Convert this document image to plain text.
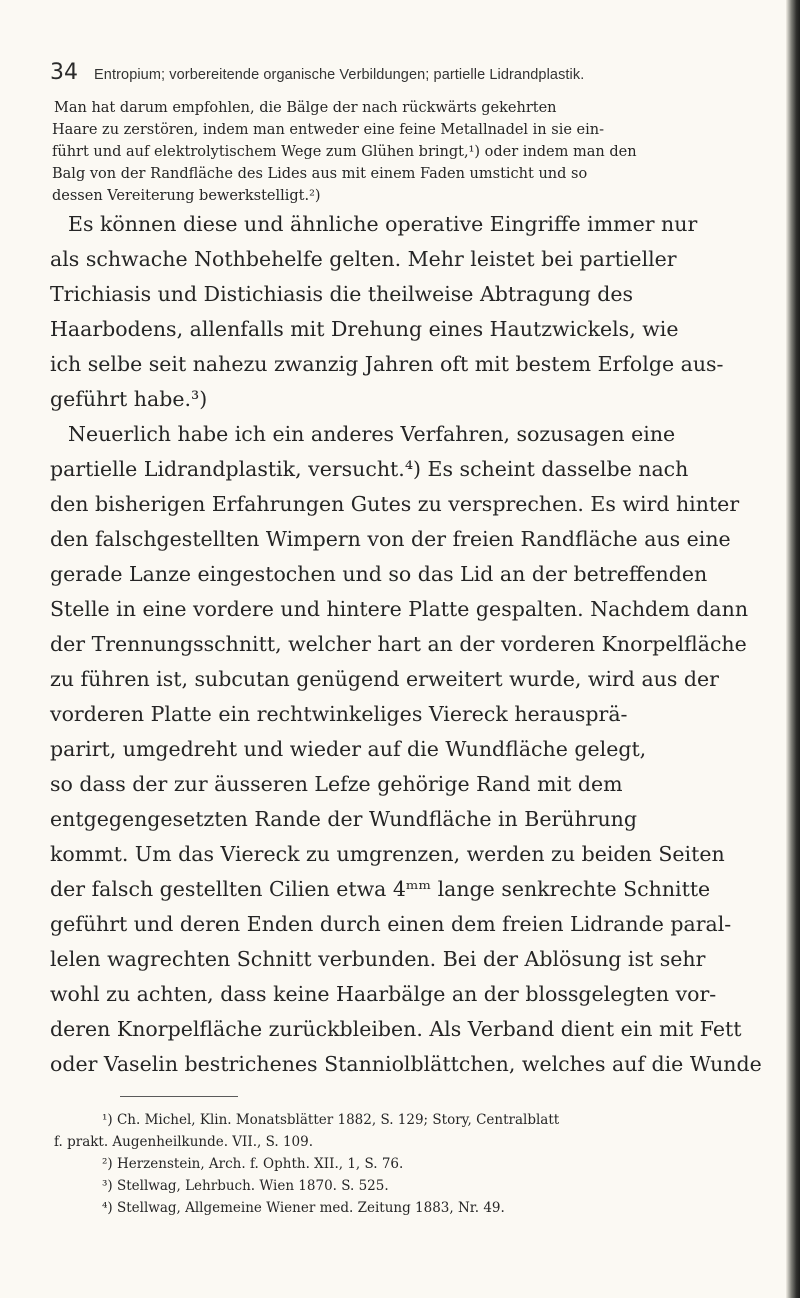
34 Entropium; vorbereitende organische Verbildungen; partielle Lidrandplastik.
Man hat darum empfohlen, die Bälge der nach rückwärts gekehrten
Haare zu zerstören, indem man entweder eine feine Metallnadel in sie ein-
führt und auf elektrolytischem Wege zum Glühen bringt,¹) oder indem man den
Balg von der Randfläche des Lides aus mit einem Faden umsticht und so
dessen Vereiterung bewerkstelligt.²)
Es können diese und ähnliche operative Eingriffe immer nur
als schwache Nothbehelfe gelten. Mehr leistet bei partieller
Trichiasis und Distichiasis die theilweise Abtragung des
Haarbodens, allenfalls mit Drehung eines Hautzwickels, wie
ich selbe seit nahezu zwanzig Jahren oft mit bestem Erfolge aus-
geführt habe.³)
Neuerlich habe ich ein anderes Verfahren, sozusagen eine
partielle Lidrandplastik, versucht.⁴) Es scheint dasselbe nach
den bisherigen Erfahrungen Gutes zu versprechen. Es wird hinter
den falschgestellten Wimpern von der freien Randfläche aus eine
gerade Lanze eingestochen und so das Lid an der betreffenden
Stelle in eine vordere und hintere Platte gespalten. Nachdem dann
der Trennungsschnitt, welcher hart an der vorderen Knorpelfläche
zu führen ist, subcutan genügend erweitert wurde, wird aus der
vorderen Platte ein rechtwinkeliges Viereck herausprä-
parirt, umgedreht und wieder auf die Wundfläche gelegt,
so dass der zur äusseren Lefze gehörige Rand mit dem
entgegengesetzten Rande der Wundfläche in Berührung
kommt. Um das Viereck zu umgrenzen, werden zu beiden Seiten
der falsch gestellten Cilien etwa 4ᵐᵐ lange senkrechte Schnitte
geführt und deren Enden durch einen dem freien Lidrande paral-
lelen wagrechten Schnitt verbunden. Bei der Ablösung ist sehr
wohl zu achten, dass keine Haarbälge an der blossgelegten vor-
deren Knorpelfläche zurückbleiben. Als Verband dient ein mit Fett
oder Vaselin bestrichenes Stanniolblättchen, welches auf die Wunde
¹) Ch. Michel, Klin. Monatsblätter 1882, S. 129; Story, Centralblatt
f. prakt. Augenheilkunde. VII., S. 109.
²) Herzenstein, Arch. f. Ophth. XII., 1, S. 76.
³) Stellwag, Lehrbuch. Wien 1870. S. 525.
⁴) Stellwag, Allgemeine Wiener med. Zeitung 1883, Nr. 49.
